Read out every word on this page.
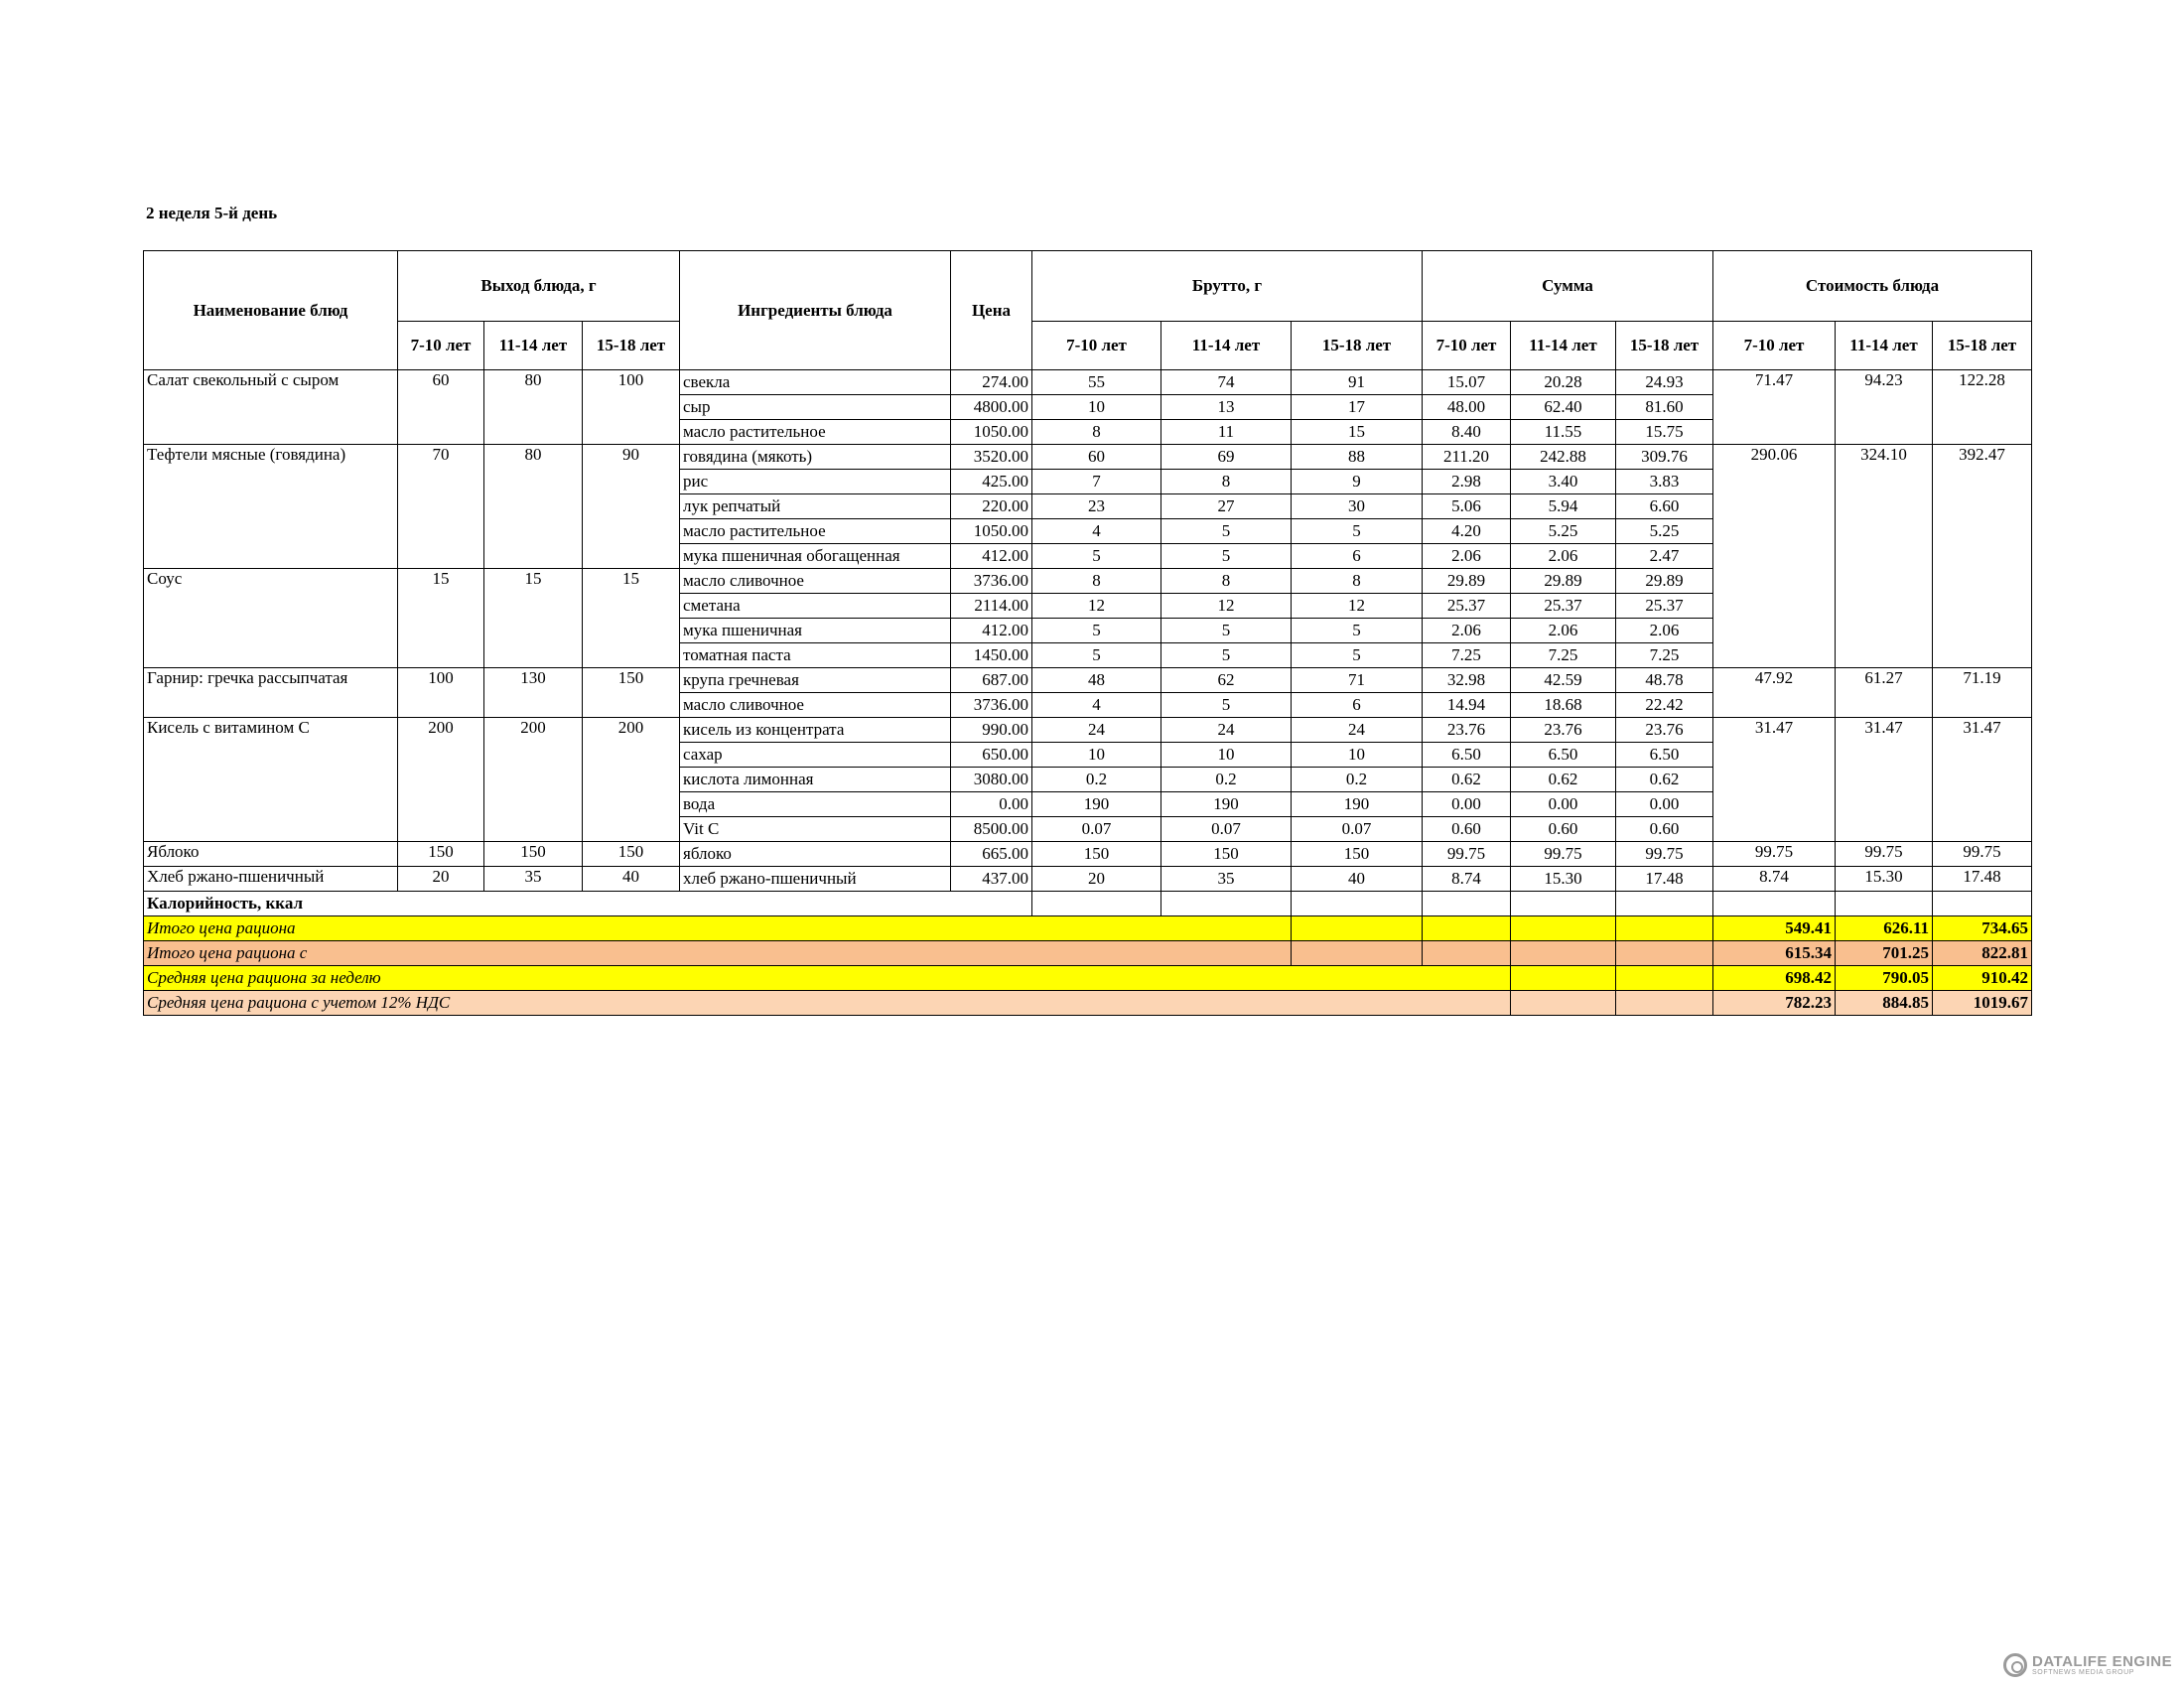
2 неделя 5-й день
Наименование блюд	Выход блюда, г			Ингредиенты блюда	Цена	Брутто, г			Сумма			Стоимость блюда		
	7-10 лет	11-14 лет	15-18 лет			7-10 лет	11-14 лет	15-18 лет	7-10 лет	11-14 лет	15-18 лет	7-10 лет	11-14 лет	15-18 лет
Салат свекольный с сыром	60	80	100	свекла	274.00	55	74	91	15.07	20.28	24.93	71.47	94.23	122.28
				сыр	4800.00	10	13	17	48.00	62.40	81.60			
				масло растительное	1050.00	8	11	15	8.40	11.55	15.75			
Тефтели мясные (говядина)	70	80	90	говядина (мякоть)	3520.00	60	69	88	211.20	242.88	309.76	290.06	324.10	392.47
				рис	425.00	7	8	9	2.98	3.40	3.83			
				лук репчатый	220.00	23	27	30	5.06	5.94	6.60			
				масло растительное	1050.00	4	5	5	4.20	5.25	5.25			
				мука пшеничная обогащенная	412.00	5	5	6	2.06	2.06	2.47			
Соус	15	15	15	масло сливочное	3736.00	8	8	8	29.89	29.89	29.89			
				сметана	2114.00	12	12	12	25.37	25.37	25.37			
				мука пшеничная	412.00	5	5	5	2.06	2.06	2.06			
				томатная паста	1450.00	5	5	5	7.25	7.25	7.25			
Гарнир: гречка рассыпчатая	100	130	150	крупа гречневая	687.00	48	62	71	32.98	42.59	48.78	47.92	61.27	71.19
				масло сливочное	3736.00	4	5	6	14.94	18.68	22.42			
Кисель с витамином С	200	200	200	кисель из концентрата	990.00	24	24	24	23.76	23.76	23.76	31.47	31.47	31.47
				сахар	650.00	10	10	10	6.50	6.50	6.50			
				кислота лимонная	3080.00	0.2	0.2	0.2	0.62	0.62	0.62			
				вода	0.00	190	190	190	0.00	0.00	0.00			
				Vit C	8500.00	0.07	0.07	0.07	0.60	0.60	0.60			
Яблоко	150	150	150	яблоко	665.00	150	150	150	99.75	99.75	99.75	99.75	99.75	99.75
Хлеб ржано-пшеничный	20	35	40	хлеб ржано-пшеничный	437.00	20	35	40	8.74	15.30	17.48	8.74	15.30	17.48
Калорийность, ккал														
Итого цена рациона												549.41	626.11	734.65
Итого цена рациона с												615.34	701.25	822.81
Средняя цена рациона за неделю												698.42	790.05	910.42
Средняя цена рациона с учетом 12% НДС												782.23	884.85	1019.67
DATALIFE ENGINE
SOFTNEWS MEDIA GROUP
